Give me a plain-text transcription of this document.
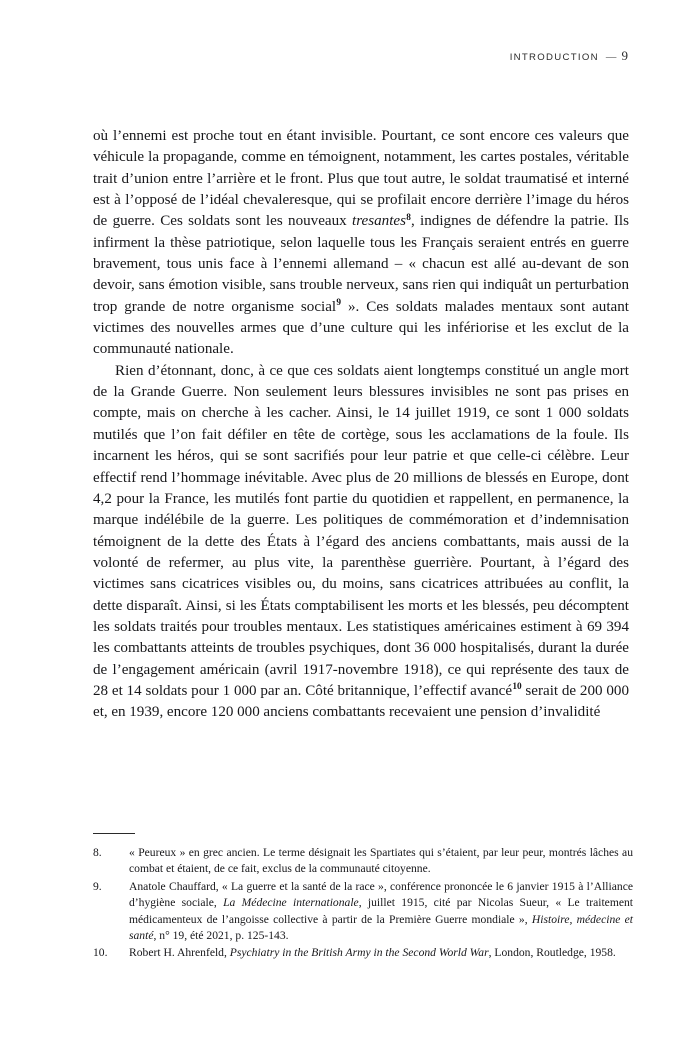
INTRODUCTION — 9

où l’ennemi est proche tout en étant invisible. Pourtant, ce sont encore ces valeurs que véhicule la propagande, comme en témoignent, notamment, les cartes postales, véritable trait d’union entre l’arrière et le front. Plus que tout autre, le soldat traumatisé et interné est à l’opposé de l’idéal chevaleresque, qui se profilait encore derrière l’image du héros de guerre. Ces soldats sont les nouveaux tresantes$^8$, indignes de défendre la patrie. Ils infirment la thèse patriotique, selon laquelle tous les Français seraient entrés en guerre bravement, tous unis face à l’ennemi allemand – « chacun est allé au-devant de son devoir, sans émotion visible, sans trouble nerveux, sans rien qui indiquât un perturbation trop grande de notre organisme social$^9$ ». Ces soldats malades mentaux sont autant victimes des nouvelles armes que d’une culture qui les infériorise et les exclut de la communauté nationale.

Rien d’étonnant, donc, à ce que ces soldats aient longtemps constitué un angle mort de la Grande Guerre. Non seulement leurs blessures invisibles ne sont pas prises en compte, mais on cherche à les cacher. Ainsi, le 14 juillet 1919, ce sont 1 000 soldats mutilés que l’on fait défiler en tête de cortège, sous les acclamations de la foule. Ils incarnent les héros, qui se sont sacrifiés pour leur patrie et que celle-ci célèbre. Leur effectif rend l’hommage inévitable. Avec plus de 20 millions de blessés en Europe, dont 4,2 pour la France, les mutilés font partie du quotidien et rappellent, en permanence, la marque indélébile de la guerre. Les politiques de commémoration et d’indemnisation témoignent de la dette des États à l’égard des anciens combattants, mais aussi de la volonté de refermer, au plus vite, la parenthèse guerrière. Pourtant, à l’égard des victimes sans cicatrices visibles ou, du moins, sans cicatrices attribuées au conflit, la dette disparaît. Ainsi, si les États comptabilisent les morts et les blessés, peu décomptent les soldats traités pour troubles mentaux. Les statistiques américaines estiment à 69 394 les combattants atteints de troubles psychiques, dont 36 000 hospitalisés, durant la durée de l’engagement américain (avril 1917-novembre 1918), ce qui représente des taux de 28 et 14 soldats pour 1 000 par an. Côté britannique, l’effectif avancé$^{10}$ serait de 200 000 et, en 1939, encore 120 000 anciens combattants recevaient une pension d’invalidité

8.	« Peureux » en grec ancien. Le terme désignait les Spartiates qui s’étaient, par leur peur, montrés lâches au combat et étaient, de ce fait, exclus de la communauté citoyenne.
9.	Anatole Chauffard, « La guerre et la santé de la race », conférence prononcée le 6 janvier 1915 à l’Alliance d’hygiène sociale, La Médecine internationale, juillet 1915, cité par Nicolas Sueur, « Le traitement médicamenteux de l’angoisse collective à partir de la Première Guerre mondiale », Histoire, médecine et santé, n° 19, été 2021, p. 125-143.
10.	Robert H. Ahrenfeld, Psychiatry in the British Army in the Second World War, London, Routledge, 1958.
